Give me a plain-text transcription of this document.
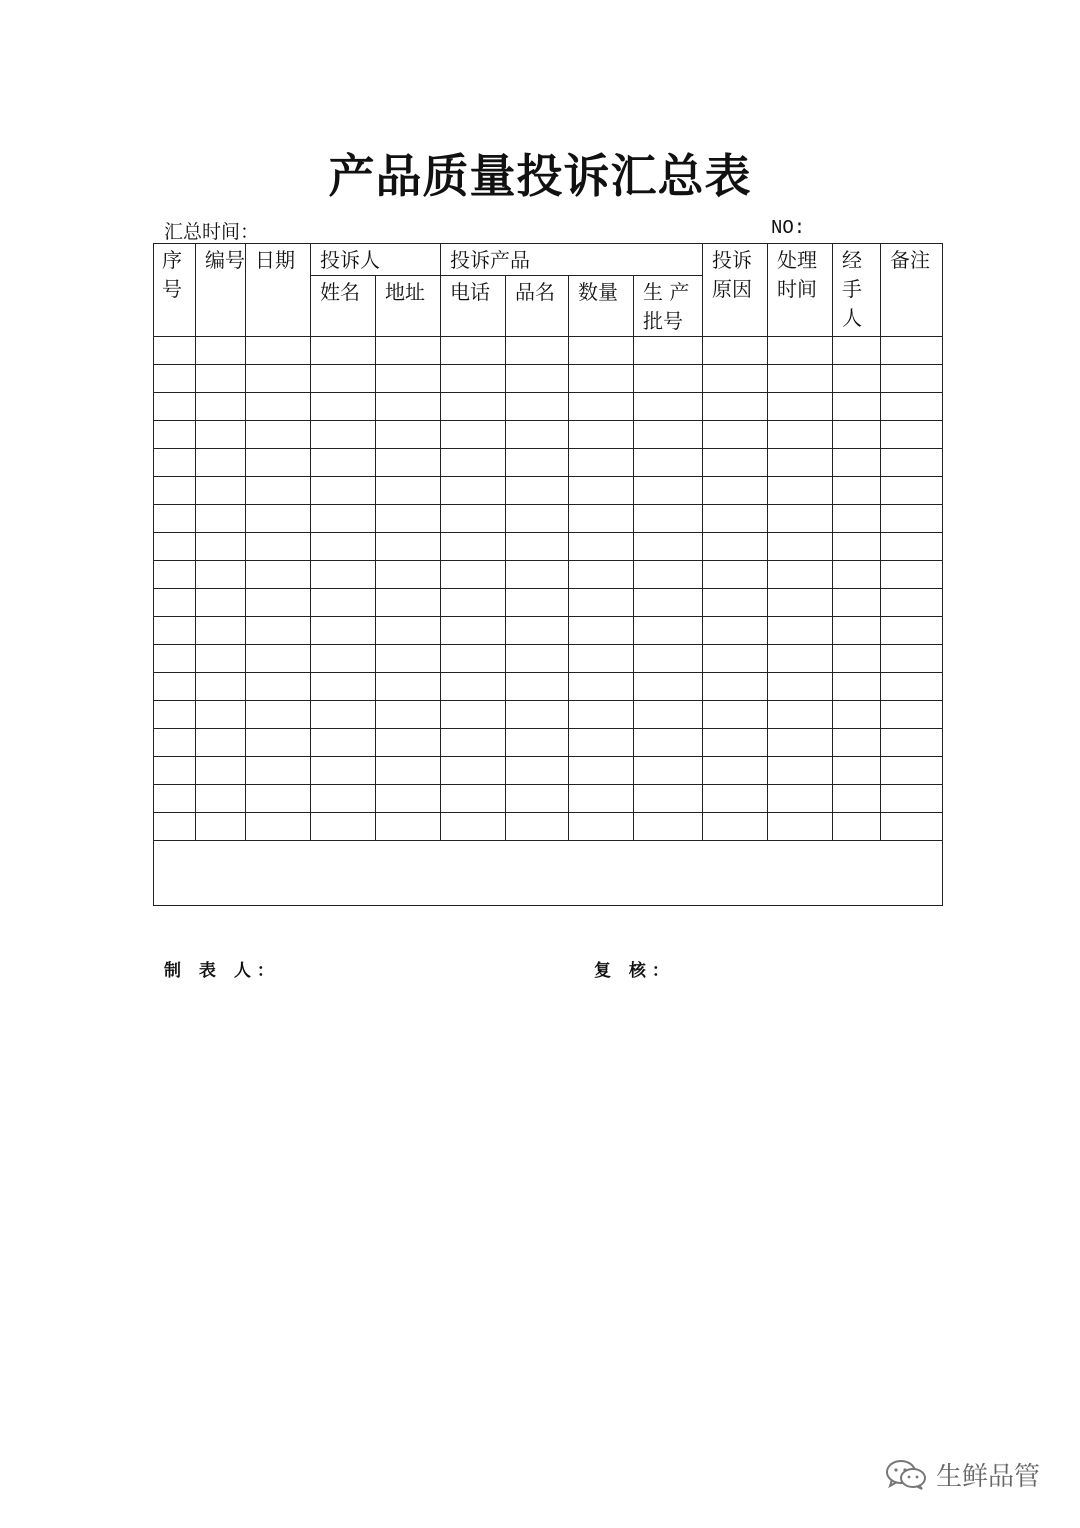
产品质量投诉汇总表
汇总时间：	NO:
序号	编号	日期	投诉人		投诉产品				投诉原因	处理时间	经手人	备注
			姓名	地址	电话	品名	数量	生 产批号				

制 表 人：	复 核：
生鲜品管
